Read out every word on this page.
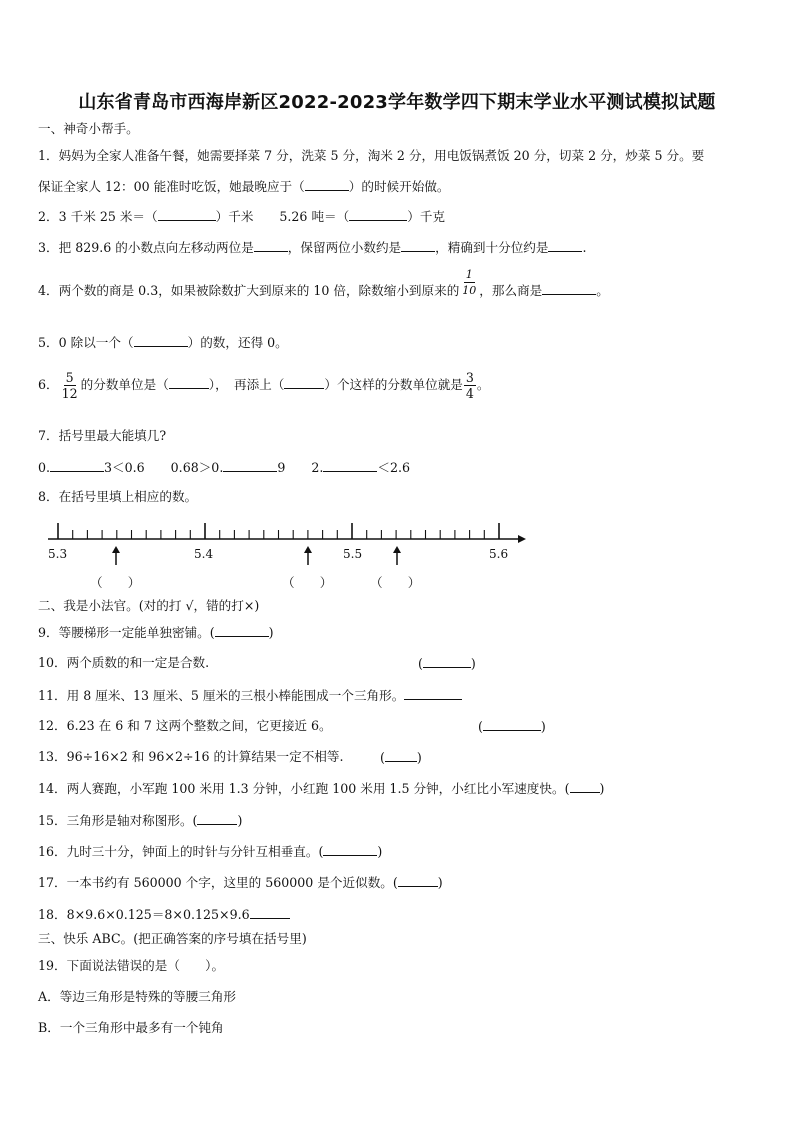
山东省青岛市西海岸新区2022-2023学年数学四下期末学业水平测试模拟试题
一、神奇小帮手。
1．妈妈为全家人准备午餐，她需要择菜 7 分，洗菜 5 分，淘米 2 分，用电饭锅煮饭 20 分，切菜 2 分，炒菜 5 分。要
保证全家人 12：00 能准时吃饭，她最晚应于（	）的时候开始做。
2．3 千米 25 米＝（	）千米 5.26 吨＝（	）千克
3．把 829.6 的小数点向左移动两位是	，保留两位小数约是	，精确到十分位约是	.
4．两个数的商是 0.3，如果被除数扩大到原来的 10 倍，除数缩小到原来的 $\frac{1}{10}$ ，那么商是	。
5．0 除以一个（	）的数，还得 0。
6． $\frac{5}{12}$ 的分数单位是（	），　再添上（	）个这样的分数单位就是 $\frac{3}{4}$ 。
7．括号里最大能填几?
0.	3＜0.6 0.68＞0.	9 2.	＜2.6
8．在括号里填上相应的数。
5.3	5.4	5.5	5.6
（　　）	（　　）	（　　）
二、我是小法官。(对的打 √，错的打×)
9．等腰梯形一定能单独密铺。(	)
10．两个质数的和一定是合数.	(	)
11．用 8 厘米、13 厘米、5 厘米的三根小棒能围成一个三角形。
12．6.23 在 6 和 7 这两个整数之间，它更接近 6。	(	)
13．96÷16×2 和 96×2÷16 的计算结果一定不相等.	(	)
14．两人赛跑，小军跑 100 米用 1.3 分钟，小红跑 100 米用 1.5 分钟，小红比小军速度快。( )
15．三角形是轴对称图形。(	)
16．九时三十分，钟面上的时针与分针互相垂直。(	)
17．一本书约有 560000 个字，这里的 560000 是个近似数。(	)
18．8×9.6×0.125＝8×0.125×9.6
三、快乐 ABC。(把正确答案的序号填在括号里)
19．下面说法错误的是（　　）。
A．等边三角形是特殊的等腰三角形
B．一个三角形中最多有一个钝角
